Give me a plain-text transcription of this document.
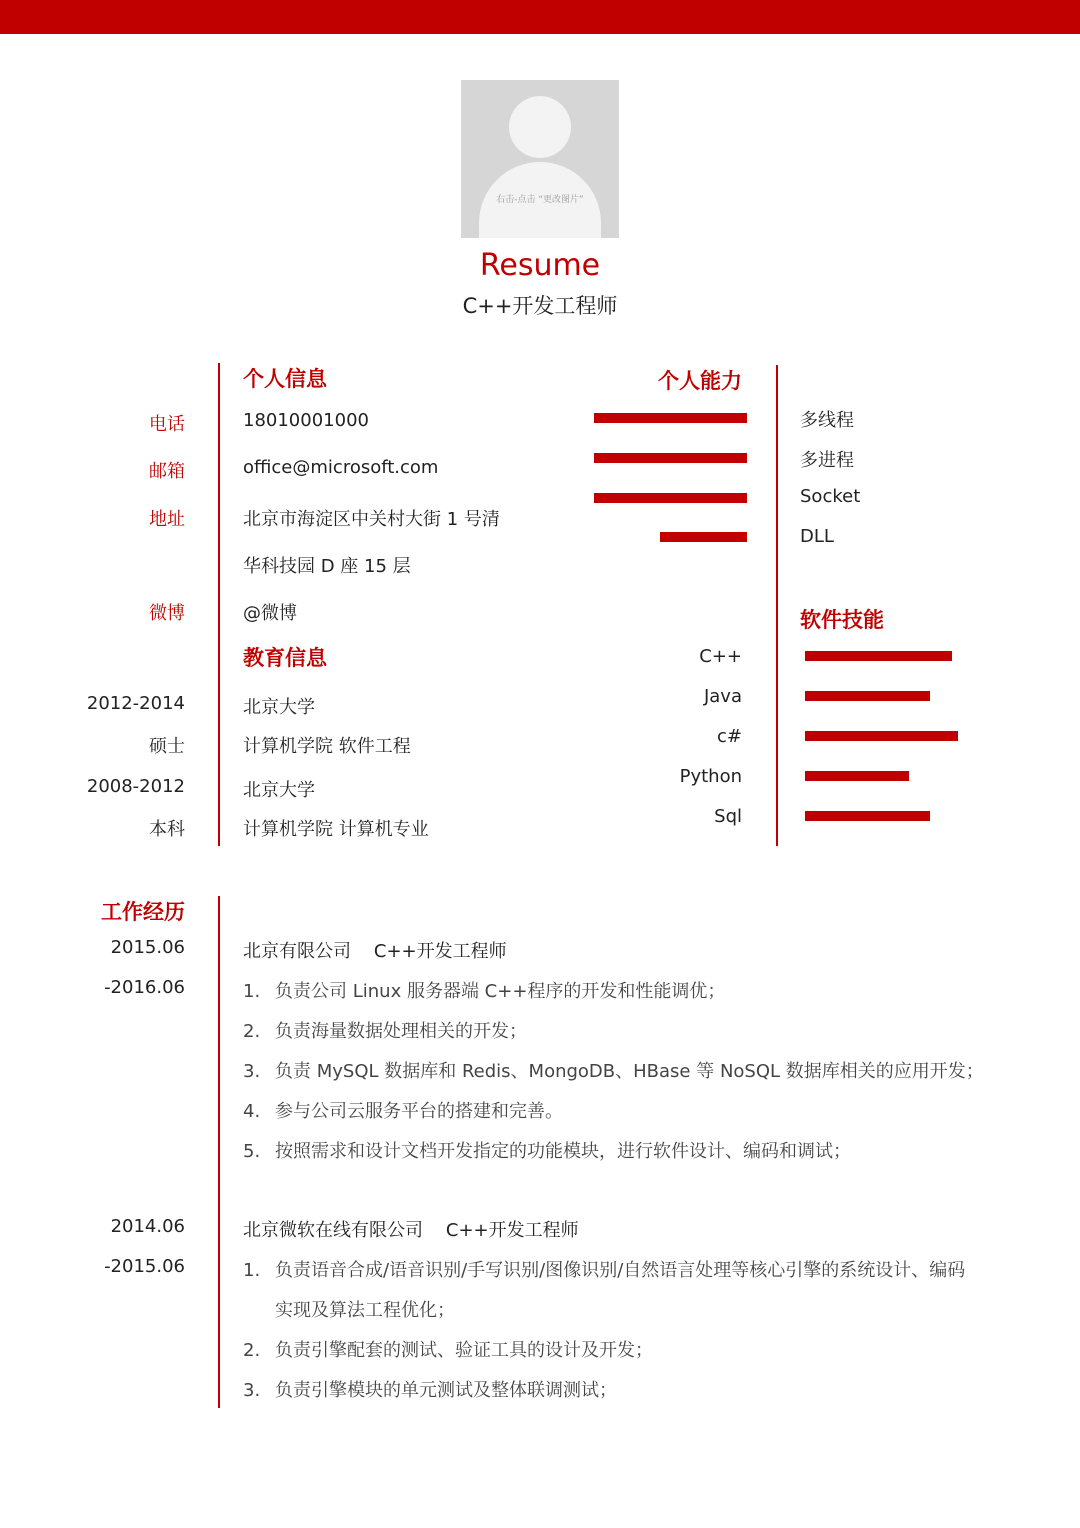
右击-点击 “更改图片”
Resume
C++开发工程师
个人信息
电话	18010001000
邮箱	office@microsoft.com
地址	北京市海淀区中关村大街 1 号清
华科技园 D 座 15 层
微博	@微博
教育信息
2012-2014	北京大学
硕士	计算机学院 软件工程
2008-2012	北京大学
本科	计算机学院 计算机专业
个人能力
多线程
多进程
Socket
DLL
软件技能
C++
Java
c#
Python
Sql
工作经历
2015.06
-2016.06
北京有限公司    C++开发工程师
1. 负责公司 Linux 服务器端 C++程序的开发和性能调优；
2. 负责海量数据处理相关的开发；
3. 负责 MySQL 数据库和 Redis、MongoDB、HBase 等 NoSQL 数据库相关的应用开发；
4. 参与公司云服务平台的搭建和完善。
5. 按照需求和设计文档开发指定的功能模块，进行软件设计、编码和调试；
2014.06
-2015.06
北京微软在线有限公司    C++开发工程师
1. 负责语音合成/语音识别/手写识别/图像识别/自然语言处理等核心引擎的系统设计、编码
实现及算法工程优化；
2. 负责引擎配套的测试、验证工具的设计及开发；
3. 负责引擎模块的单元测试及整体联调测试；
